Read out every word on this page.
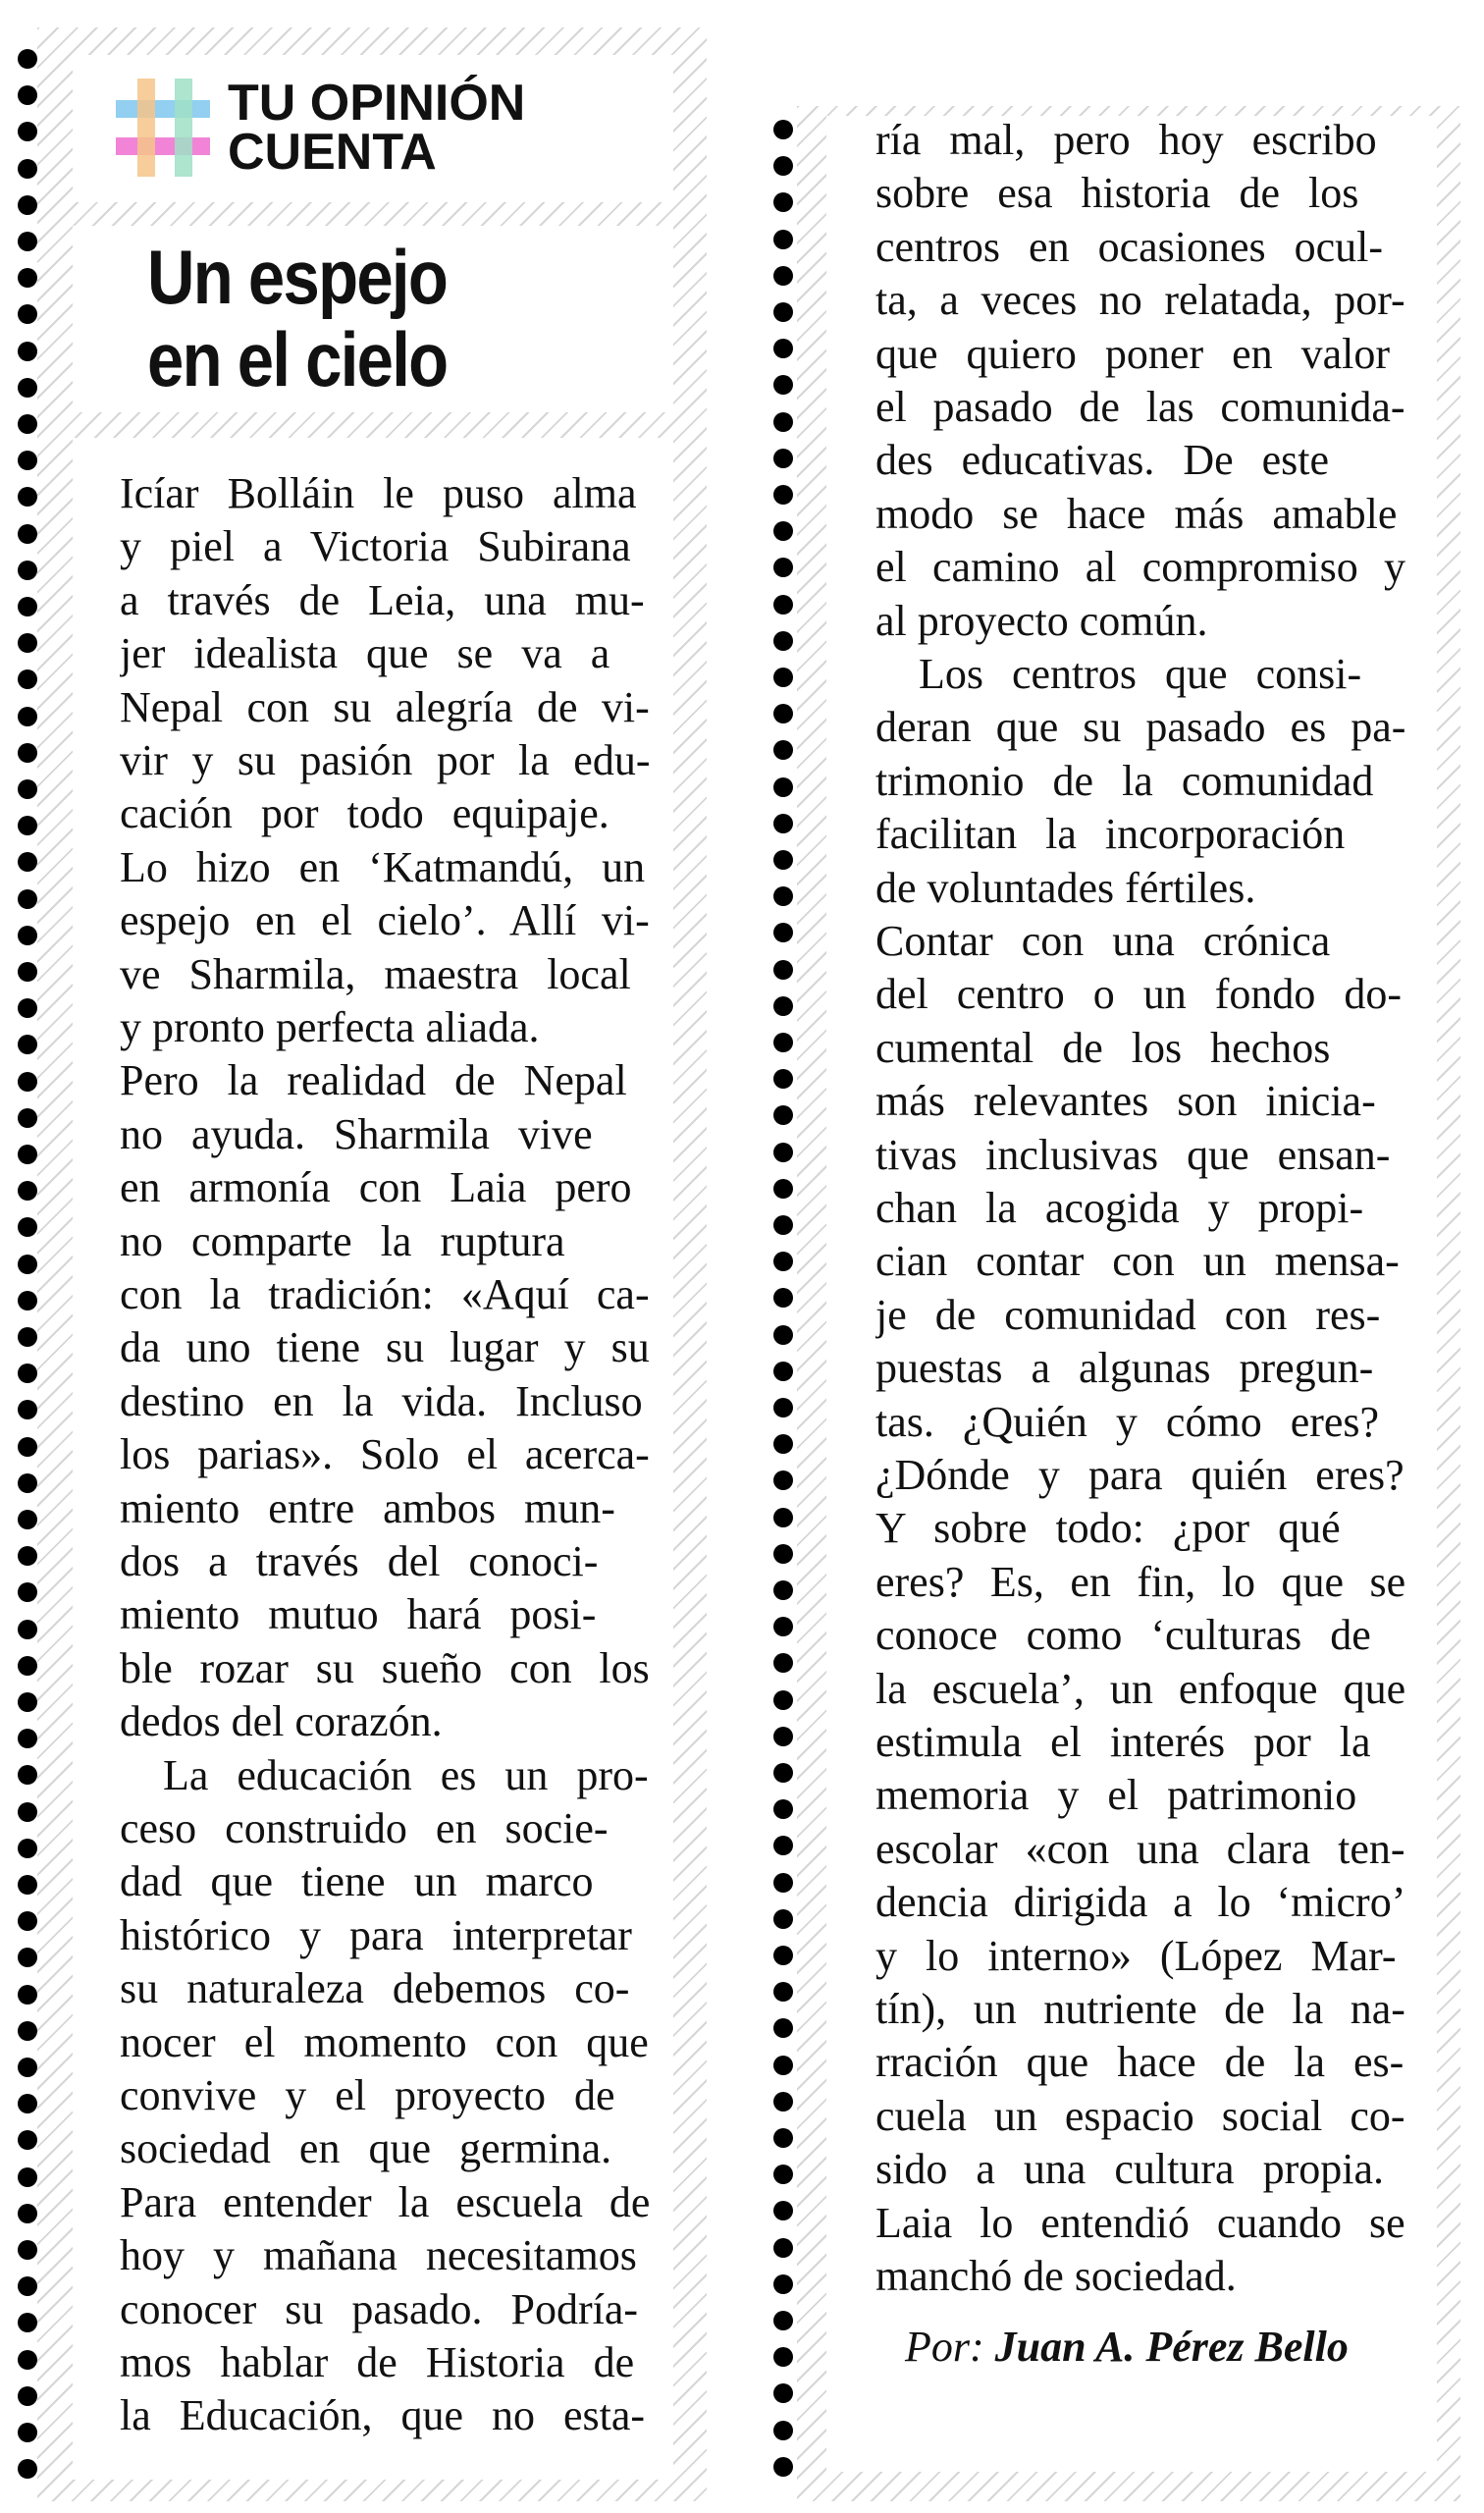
TU OPINIÓN
CUENTA
Un espejo
en el cielo
Icíar Bolláin le puso alma
y piel a Victoria Subirana
a través de Leia, una mu-
jer idealista que se va a
Nepal con su alegría de vi-
vir y su pasión por la edu-
cación por todo equipaje.
Lo hizo en ‘Katmandú, un
espejo en el cielo’. Allí vi-
ve Sharmila, maestra local
y pronto perfecta aliada.
Pero la realidad de Nepal
no ayuda. Sharmila vive
en armonía con Laia pero
no comparte la ruptura
con la tradición: «Aquí ca-
da uno tiene su lugar y su
destino en la vida. Incluso
los parias». Solo el acerca-
miento entre ambos mun-
dos a través del conoci-
miento mutuo hará posi-
ble rozar su sueño con los
dedos del corazón.
La educación es un pro-
ceso construido en socie-
dad que tiene un marco
histórico y para interpretar
su naturaleza debemos co-
nocer el momento con que
convive y el proyecto de
sociedad en que germina.
Para entender la escuela de
hoy y mañana necesitamos
conocer su pasado. Podría-
mos hablar de Historia de
la Educación, que no esta-
ría mal, pero hoy escribo
sobre esa historia de los
centros en ocasiones ocul-
ta, a veces no relatada, por-
que quiero poner en valor
el pasado de las comunida-
des educativas. De este
modo se hace más amable
el camino al compromiso y
al proyecto común.
Los centros que consi-
deran que su pasado es pa-
trimonio de la comunidad
facilitan la incorporación
de voluntades fértiles.
Contar con una crónica
del centro o un fondo do-
cumental de los hechos
más relevantes son inicia-
tivas inclusivas que ensan-
chan la acogida y propi-
cian contar con un mensa-
je de comunidad con res-
puestas a algunas pregun-
tas. ¿Quién y cómo eres?
¿Dónde y para quién eres?
Y sobre todo: ¿por qué
eres? Es, en fin, lo que se
conoce como ‘culturas de
la escuela’, un enfoque que
estimula el interés por la
memoria y el patrimonio
escolar «con una clara ten-
dencia dirigida a lo ‘micro’
y lo interno» (López Mar-
tín), un nutriente de la na-
rración que hace de la es-
cuela un espacio social co-
sido a una cultura propia.
Laia lo entendió cuando se
manchó de sociedad.
Por: Juan A. Pérez Bello
